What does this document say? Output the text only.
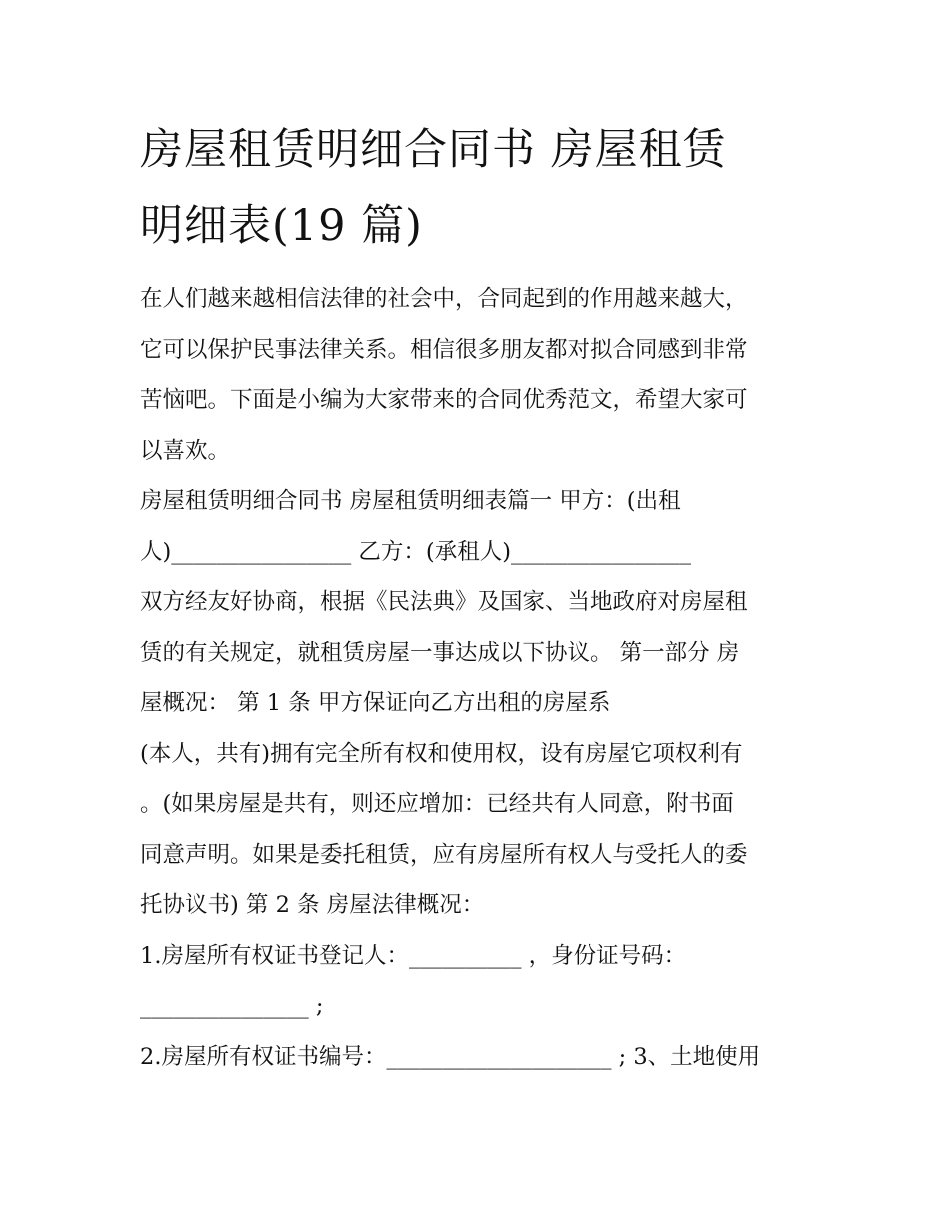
房屋租赁明细合同书 房屋租赁
明细表(19 篇)

在人们越来越相信法律的社会中，合同起到的作用越来越大，
它可以保护民事法律关系。相信很多朋友都对拟合同感到非常
苦恼吧。下面是小编为大家带来的合同优秀范文，希望大家可
以喜欢。

房屋租赁明细合同书 房屋租赁明细表篇一 甲方：(出租
人)________________ 乙方：(承租人)________________
双方经友好协商，根据《民法典》及国家、当地政府对房屋租
赁的有关规定，就租赁房屋一事达成以下协议。 第一部分 房
屋概况： 第 1 条 甲方保证向乙方出租的房屋系
(本人，共有)拥有完全所有权和使用权，设有房屋它项权利有
。(如果房屋是共有，则还应增加：已经共有人同意，附书面
同意声明。如果是委托租赁，应有房屋所有权人与受托人的委
托协议书) 第 2 条 房屋法律概况：
1.房屋所有权证书登记人：__________ ，身份证号码：
_______________ ;
2.房屋所有权证书编号：____________________ ; 3、土地使用
